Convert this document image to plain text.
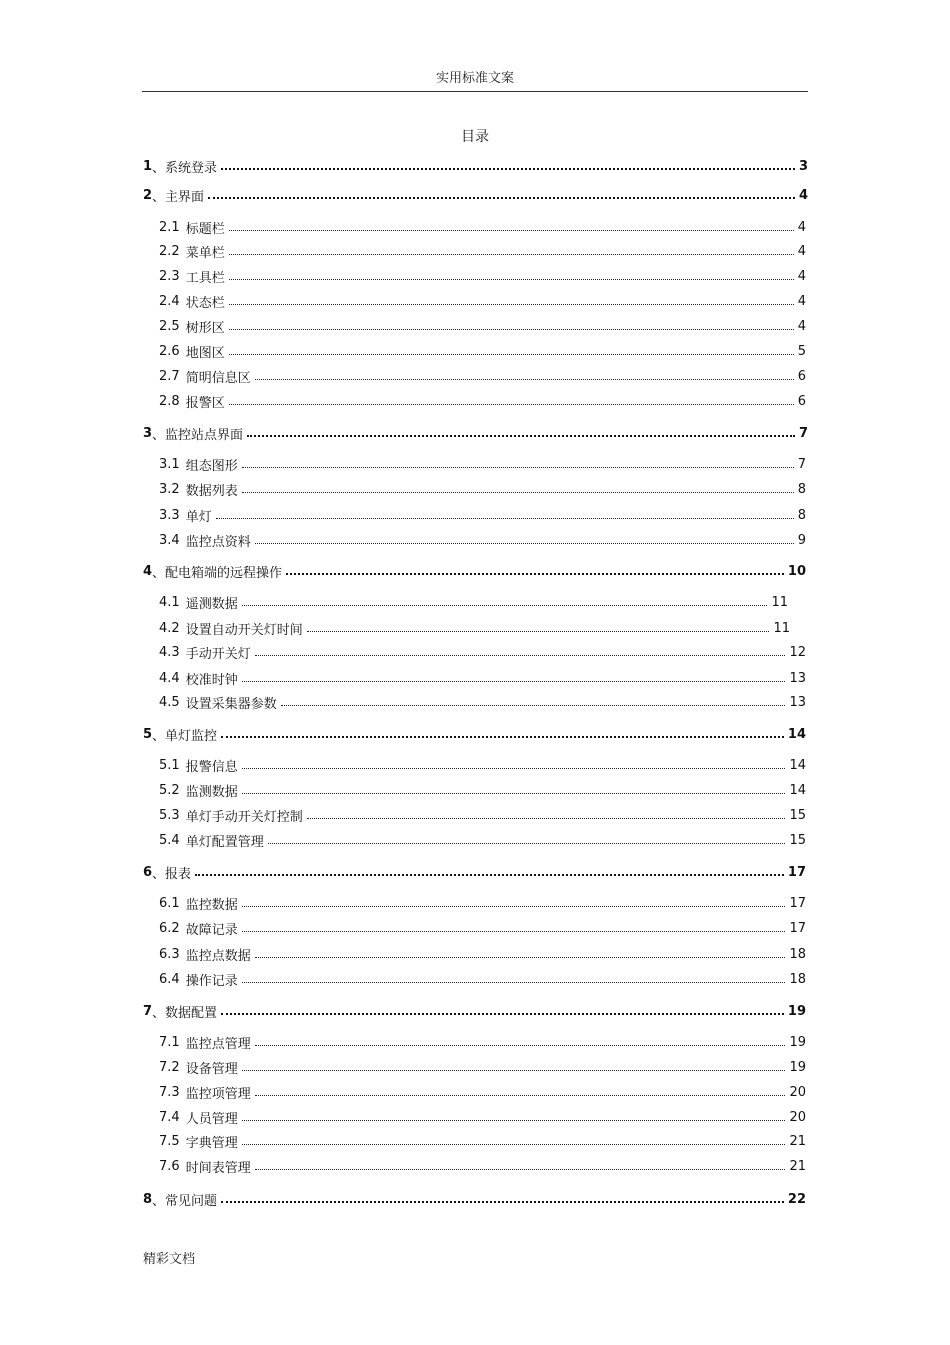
实用标准文案
目录
1 、系统登录	3
2 、主界面	4
2.1 标题栏	4
2.2 菜单栏	4
2.3 工具栏	4
2.4 状态栏	4
2.5 树形区	4
2.6 地图区	5
2.7 简明信息区	6
2.8 报警区	6
3 、监控站点界面	7
3.1 组态图形	7
3.2 数据列表	8
3.3 单灯	8
3.4 监控点资料	9
4 、配电箱端的远程操作	10
4.1 遥测数据	11
4.2 设置自动开关灯时间	11
4.3 手动开关灯	12
4.4 校准时钟	13
4.5 设置采集器参数	13
5 、单灯监控	14
5.1 报警信息	14
5.2 监测数据	14
5.3 单灯手动开关灯控制	15
5.4 单灯配置管理	15
6 、报表	17
6.1 监控数据	17
6.2 故障记录	17
6.3 监控点数据	18
6.4 操作记录	18
7 、数据配置	19
7.1 监控点管理	19
7.2 设备管理	19
7.3 监控项管理	20
7.4 人员管理	20
7.5 字典管理	21
7.6 时间表管理	21
8 、常见问题	22
精彩文档
